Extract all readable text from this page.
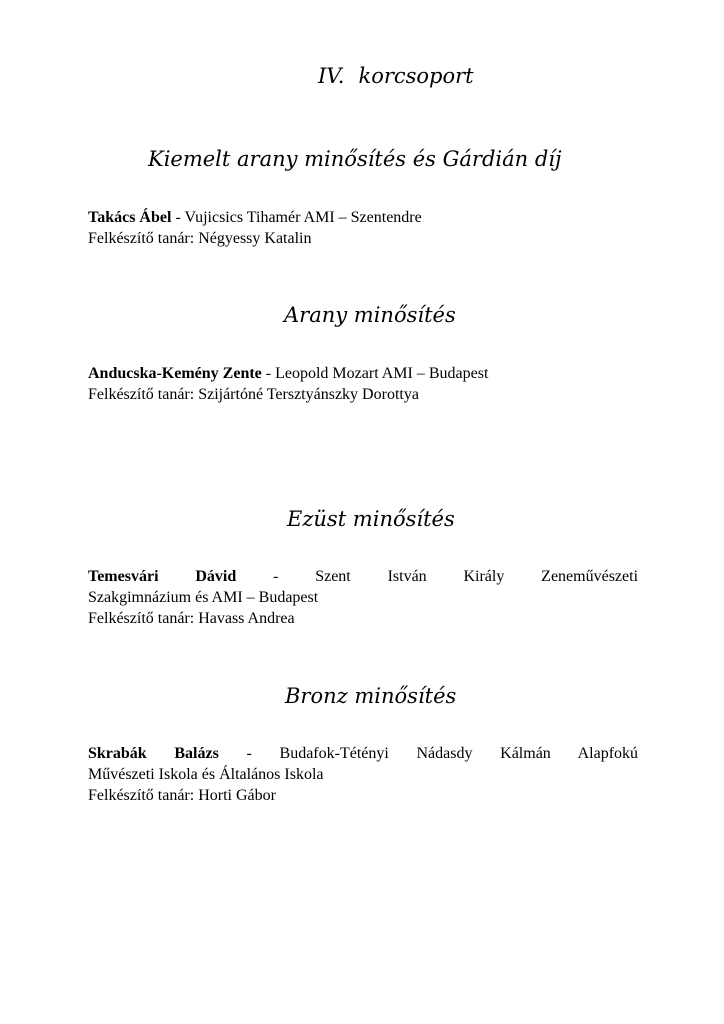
IV. korcsoport
Kiemelt arany minősítés és Gárdián díj
Takács Ábel - Vujicsics Tihamér AMI – Szentendre
Felkészítő tanár: Négyessy Katalin
Arany minősítés
Anducska-Kemény Zente - Leopold Mozart AMI – Budapest
Felkészítő tanár: Szijártóné Tersztyánszky Dorottya
Ezüst minősítés
Temesvári Dávid - Szent István Király Zeneművészeti
Szakgimnázium és AMI – Budapest
Felkészítő tanár: Havass Andrea
Bronz minősítés
Skrabák Balázs - Budafok-Tétényi Nádasdy Kálmán Alapfokú
Művészeti Iskola és Általános Iskola
Felkészítő tanár: Horti Gábor
